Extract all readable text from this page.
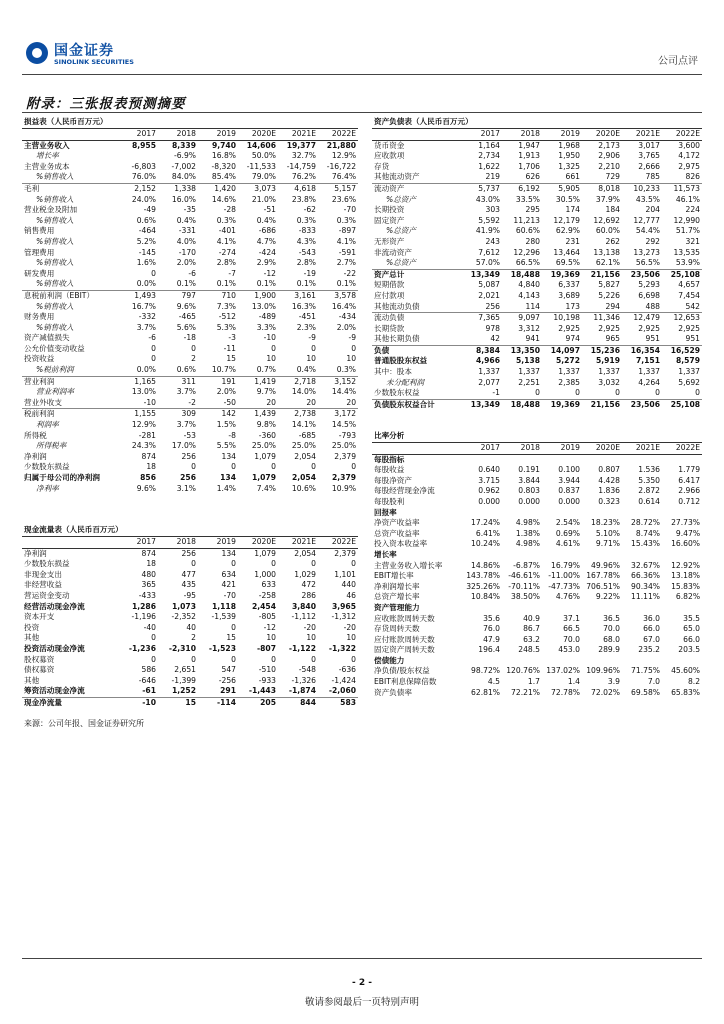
国金证券
SINOLINK SECURITIES	公司点评
附录：三张报表预测摘要
损益表（人民币百万元）						
	2017	2018	2019	2020E	2021E	2022E
主营业务收入	8,955	8,339	9,740	14,606	19,377	21,880
增长率		-6.9%	16.8%	50.0%	32.7%	12.9%
主营业务成本	-6,803	-7,002	-8,320	-11,533	-14,759	-16,722
%销售收入	76.0%	84.0%	85.4%	79.0%	76.2%	76.4%
毛利	2,152	1,338	1,420	3,073	4,618	5,157
%销售收入	24.0%	16.0%	14.6%	21.0%	23.8%	23.6%
营业税金及附加	-49	-35	-28	-51	-62	-70
%销售收入	0.6%	0.4%	0.3%	0.4%	0.3%	0.3%
销售费用	-464	-331	-401	-686	-833	-897
%销售收入	5.2%	4.0%	4.1%	4.7%	4.3%	4.1%
管理费用	-145	-170	-274	-424	-543	-591
%销售收入	1.6%	2.0%	2.8%	2.9%	2.8%	2.7%
研发费用	0	-6	-7	-12	-19	-22
%销售收入	0.0%	0.1%	0.1%	0.1%	0.1%	0.1%
息税前利润（EBIT）	1,493	797	710	1,900	3,161	3,578
%销售收入	16.7%	9.6%	7.3%	13.0%	16.3%	16.4%
财务费用	-332	-465	-512	-489	-451	-434
%销售收入	3.7%	5.6%	5.3%	3.3%	2.3%	2.0%
资产减值损失	-6	-18	-3	-10	-9	-9
公允价值变动收益	0	0	-11	0	0	0
投资收益	0	2	15	10	10	10
%税前利润	0.0%	0.6%	10.7%	0.7%	0.4%	0.3%
营业利润	1,165	311	191	1,419	2,718	3,152
营业利润率	13.0%	3.7%	2.0%	9.7%	14.0%	14.4%
营业外收支	-10	-2	-50	20	20	20
税前利润	1,155	309	142	1,439	2,738	3,172
利润率	12.9%	3.7%	1.5%	9.8%	14.1%	14.5%
所得税	-281	-53	-8	-360	-685	-793
所得税率	24.3%	17.0%	5.5%	25.0%	25.0%	25.0%
净利润	874	256	134	1,079	2,054	2,379
少数股东损益	18	0	0	0	0	0
归属于母公司的净利润	856	256	134	1,079	2,054	2,379
净利率	9.6%	3.1%	1.4%	7.4%	10.6%	10.9%
资产负债表（人民币百万元）						
	2017	2018	2019	2020E	2021E	2022E
货币资金	1,164	1,947	1,968	2,173	3,017	3,600
应收款项	2,734	1,913	1,950	2,906	3,765	4,172
存货	1,622	1,706	1,325	2,210	2,666	2,975
其他流动资产	219	626	661	729	785	826
流动资产	5,737	6,192	5,905	8,018	10,233	11,573
%总资产	43.0%	33.5%	30.5%	37.9%	43.5%	46.1%
长期投资	303	295	174	184	204	224
固定资产	5,592	11,213	12,179	12,692	12,777	12,990
%总资产	41.9%	60.6%	62.9%	60.0%	54.4%	51.7%
无形资产	243	280	231	262	292	321
非流动资产	7,612	12,296	13,464	13,138	13,273	13,535
%总资产	57.0%	66.5%	69.5%	62.1%	56.5%	53.9%
资产总计	13,349	18,488	19,369	21,156	23,506	25,108
短期借款	5,087	4,840	6,337	5,827	5,293	4,657
应付款项	2,021	4,143	3,689	5,226	6,698	7,454
其他流动负债	256	114	173	294	488	542
流动负债	7,365	9,097	10,198	11,346	12,479	12,653
长期贷款	978	3,312	2,925	2,925	2,925	2,925
其他长期负债	42	941	974	965	951	951
负债	8,384	13,350	14,097	15,236	16,354	16,529
普通股股东权益	4,966	5,138	5,272	5,919	7,151	8,579
其中：股本	1,337	1,337	1,337	1,337	1,337	1,337
未分配利润	2,077	2,251	2,385	3,032	4,264	5,692
少数股东权益	-1	0	0	0	0	0
负债股东权益合计	13,349	18,488	19,369	21,156	23,506	25,108
比率分析						
	2017	2018	2019	2020E	2021E	2022E
每股指标						
每股收益	0.640	0.191	0.100	0.807	1.536	1.779
每股净资产	3.715	3.844	3.944	4.428	5.350	6.417
每股经营现金净流	0.962	0.803	0.837	1.836	2.872	2.966
每股股利	0.000	0.000	0.000	0.323	0.614	0.712
回报率						
净资产收益率	17.24%	4.98%	2.54%	18.23%	28.72%	27.73%
总资产收益率	6.41%	1.38%	0.69%	5.10%	8.74%	9.47%
投入资本收益率	10.24%	4.98%	4.61%	9.71%	15.43%	16.60%
增长率						
主营业务收入增长率	14.86%	-6.87%	16.79%	49.96%	32.67%	12.92%
EBIT增长率	143.78%	-46.61%	-11.00%	167.78%	66.36%	13.18%
净利润增长率	325.26%	-70.11%	-47.73%	706.51%	90.34%	15.83%
总资产增长率	10.84%	38.50%	4.76%	9.22%	11.11%	6.82%
资产管理能力						
应收账款周转天数	35.6	40.9	37.1	36.5	36.0	35.5
存货周转天数	76.0	86.7	66.5	70.0	66.0	65.0
应付账款周转天数	47.9	63.2	70.0	68.0	67.0	66.0
固定资产周转天数	196.4	248.5	453.0	289.9	235.2	203.5
偿债能力						
净负债/股东权益	98.72%	120.76%	137.02%	109.96%	71.75%	45.60%
EBIT利息保障倍数	4.5	1.7	1.4	3.9	7.0	8.2
资产负债率	62.81%	72.21%	72.78%	72.02%	69.58%	65.83%
现金流量表（人民币百万元）						
	2017	2018	2019	2020E	2021E	2022E
净利润	874	256	134	1,079	2,054	2,379
少数股东损益	18	0	0	0	0	0
非现金支出	480	477	634	1,000	1,029	1,101
非经营收益	365	435	421	633	472	440
营运资金变动	-433	-95	-70	-258	286	46
经营活动现金净流	1,286	1,073	1,118	2,454	3,840	3,965
资本开支	-1,196	-2,352	-1,539	-805	-1,112	-1,312
投资	-40	40	0	-12	-20	-20
其他	0	2	15	10	10	10
投资活动现金净流	-1,236	-2,310	-1,523	-807	-1,122	-1,322
股权募资	0	0	0	0	0	0
债权募资	586	2,651	547	-510	-548	-636
其他	-646	-1,399	-256	-933	-1,326	-1,424
筹资活动现金净流	-61	1,252	291	-1,443	-1,874	-2,060
现金净流量	-10	15	-114	205	844	583
来源：公司年报、国金证券研究所
- 2 -
敬请参阅最后一页特别声明
